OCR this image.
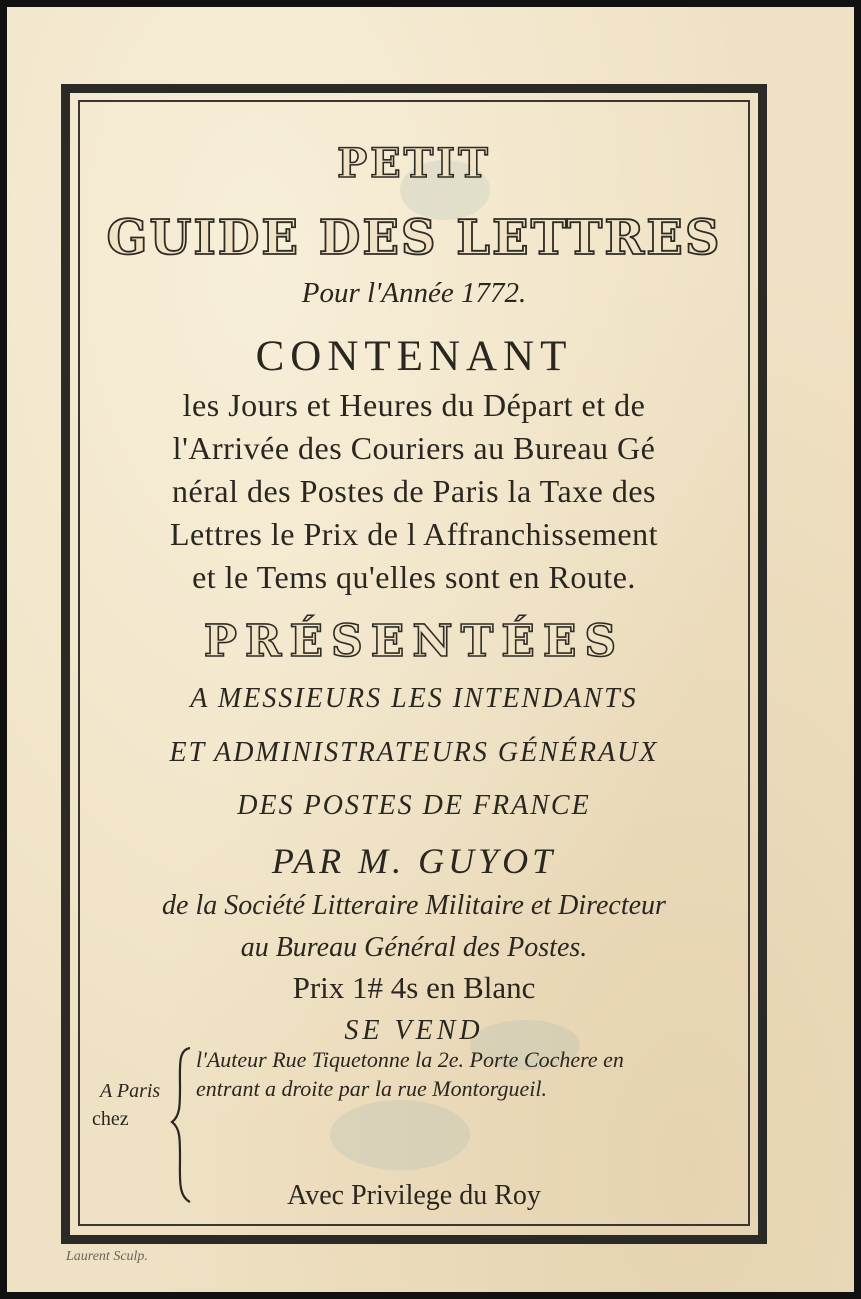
PETIT
GUIDE DES LETTRES
Pour l'Année 1772.
CONTENANT
les Jours et Heures du Départ et de
l'Arrivée des Couriers au Bureau Gé
néral des Postes de Paris la Taxe des
Lettres le Prix de l Affranchissement
et le Tems qu'elles sont en Route.
PRÉSENTÉES
A MESSIEURS LES INTENDANTS
ET ADMINISTRATEURS GÉNÉRAUX
DES POSTES DE FRANCE
PAR M. GUYOT
de la Société Litteraire Militaire et Directeur
au Bureau Général des Postes.
Prix 1# 4s en Blanc
SE VEND
A Paris
chez
l'Auteur Rue Tiquetonne la 2e. Porte Cochere en
entrant a droite par la rue Montorgueil.
Avec Privilege du Roy
Laurent Sculp.
